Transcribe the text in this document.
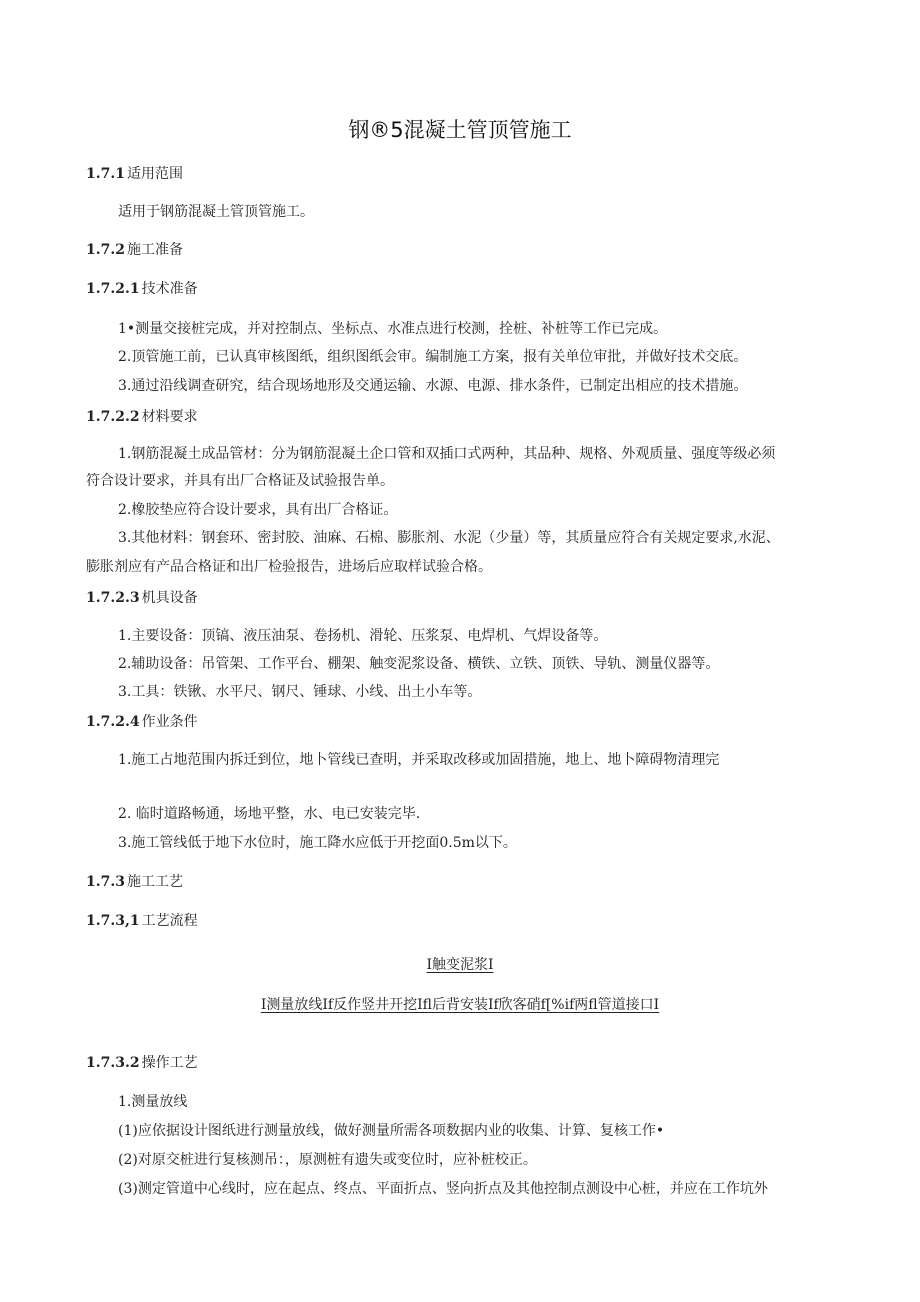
钢®5混凝土管顶管施工
1.7.1 适用范围
适用于钢筋混凝土管顶管施工。
1.7.2 施工准备
1.7.2.1 技术准备
1•测量交接桩完成，并对控制点、坐标点、水准点进行校测，拴桩、补桩等工作已完成。
2.顶管施工前，已认真审核图纸，组织图纸会审。编制施工方案，报有关单位审批，并做好技术交底。
3.通过沿线调查研究，结合现场地形及交通运输、水源、电源、排水条件，已制定出相应的技术措施。
1.7.2.2 材料要求
1.钢筋混凝土成品管材：分为钢筋混凝土企口管和双插口式两种，其品种、规格、外观质量、强度等级必须
符合设计要求，并具有出厂合格证及试验报告单。
2.橡胶垫应符合设计要求，具有出厂合格证。
3.其他材料：钢套环、密封胶、油麻、石棉、膨胀剂、水泥（少量）等，其质量应符合有关规定要求,水泥、
膨胀剂应有产品合格证和出厂检验报告，进场后应取样试验合格。
1.7.2.3 机具设备
1.主要设备：顶镐、液压油泵、卷扬机、滑轮、压浆泵、电焊机、气焊设备等。
2.辅助设备：吊管架、工作平台、棚架、触变泥浆设备、横铁、立铁、顶铁、导轨、测量仪器等。
3.工具：铁锹、水平尺、钢尺、锤球、小线、出土小车等。
1.7.2.4 作业条件
1.施工占地范围内拆迁到位，地卜管线已查明，并采取改移或加固措施，地上、地卜障碍物清理完
2. 临时道路畅通，场地平整，水、电已安装完毕.
3.施工管线低于地下水位时，施工降水应低于开挖面0.5m以下。
1.7.3 施工工艺
1.7.3,1 工艺流程
I触变泥浆I
I测量放线If反作竖井开挖Ifl后背安装If欣客硝f[%if两fl管道接口I
1.7.3.2 操作工艺
1.测量放线
(1)应依据设计图纸进行测量放线，做好测量所需各项数据内业的收集、计算、复核工作•
(2)对原交桩进行复核测吊：，原测桩有遗失或变位时，应补桩校正。
(3)测定管道中心线时，应在起点、终点、平面折点、竖向折点及其他控制点测设中心桩，并应在工作坑外
